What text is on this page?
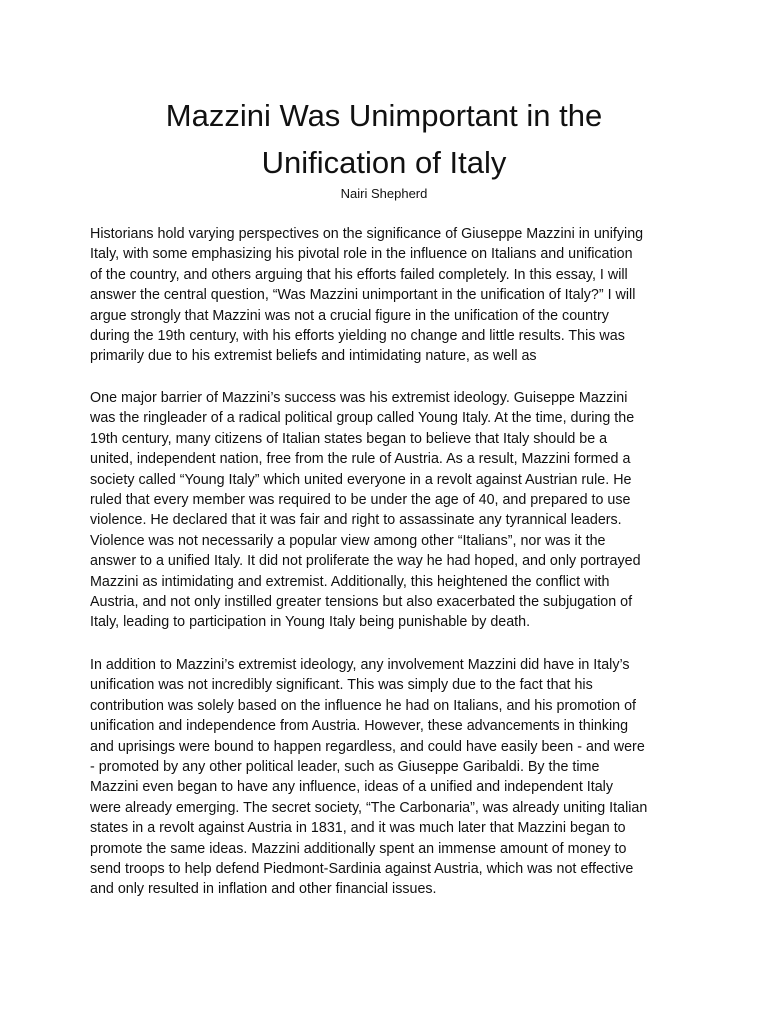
Mazzini Was Unimportant in the
Unification of Italy

Nairi Shepherd

Historians hold varying perspectives on the significance of Giuseppe Mazzini in unifying
Italy, with some emphasizing his pivotal role in the influence on Italians and unification
of the country, and others arguing that his efforts failed completely. In this essay, I will
answer the central question, “Was Mazzini unimportant in the unification of Italy?” I will
argue strongly that Mazzini was not a crucial figure in the unification of the country
during the 19th century, with his efforts yielding no change and little results. This was
primarily due to his extremist beliefs and intimidating nature, as well as

One major barrier of Mazzini’s success was his extremist ideology. Guiseppe Mazzini
was the ringleader of a radical political group called Young Italy. At the time, during the
19th century, many citizens of Italian states began to believe that Italy should be a
united, independent nation, free from the rule of Austria. As a result, Mazzini formed a
society called “Young Italy” which united everyone in a revolt against Austrian rule. He
ruled that every member was required to be under the age of 40, and prepared to use
violence. He declared that it was fair and right to assassinate any tyrannical leaders.
Violence was not necessarily a popular view among other “Italians”, nor was it the
answer to a unified Italy. It did not proliferate the way he had hoped, and only portrayed
Mazzini as intimidating and extremist. Additionally, this heightened the conflict with
Austria, and not only instilled greater tensions but also exacerbated the subjugation of
Italy, leading to participation in Young Italy being punishable by death.

In addition to Mazzini’s extremist ideology, any involvement Mazzini did have in Italy’s
unification was not incredibly significant. This was simply due to the fact that his
contribution was solely based on the influence he had on Italians, and his promotion of
unification and independence from Austria. However, these advancements in thinking
and uprisings were bound to happen regardless, and could have easily been - and were
- promoted by any other political leader, such as Giuseppe Garibaldi. By the time
Mazzini even began to have any influence, ideas of a unified and independent Italy
were already emerging. The secret society, “The Carbonaria”, was already uniting Italian
states in a revolt against Austria in 1831, and it was much later that Mazzini began to
promote the same ideas. Mazzini additionally spent an immense amount of money to
send troops to help defend Piedmont-Sardinia against Austria, which was not effective
and only resulted in inflation and other financial issues.
